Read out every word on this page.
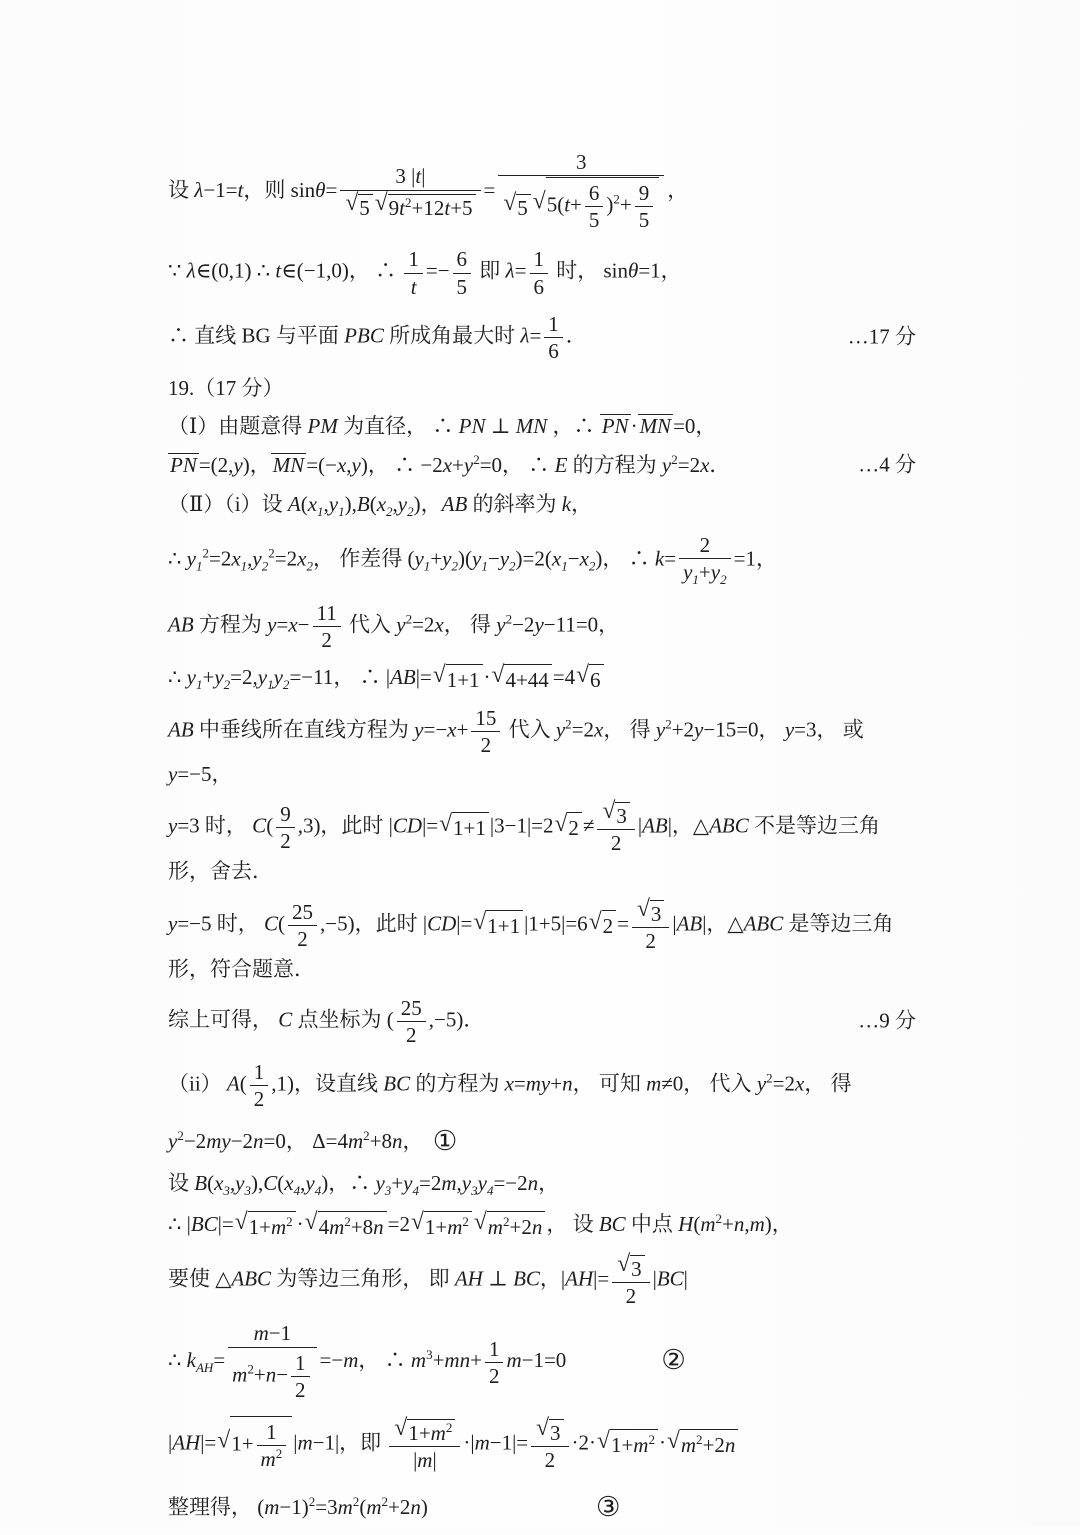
设 λ−1=t，则 $\sin\theta= \frac{3 |t|}{√5 √9t^2+12t+5} = \frac{3}{√5 √5(t+ \frac{6}{5} )^2+ \frac{9}{5}}$ ，
∵ λ∈(0,1) ∴ t∈(−1,0)， ∴ $\frac{1}{t} =- \frac{6}{5}$ 即 $\lambda= \frac{1}{6}$ 时， sinθ=1，
∴ 直线 BG 与平面 PBC 所成角最大时 $\lambda= \frac{1}{6}$ ．	…17 分
19.（17 分）
（Ⅰ）由题意得 PM 为直径， ∴ PN ⊥ MN ，∴ PN·MN=0，
PN=(2,y)，MN=(−x,y)， ∴ $-2x+y^2=0$， ∴ E 的方程为 $y^2=2x$．	…4 分
（Ⅱ）（i）设 $A(x_1,y_1),B(x_2,y_2)$，AB 的斜率为 k，
∴ $y_1^2=2x_1,y_2^2=2x_2$， 作差得 $(y_1+y_2)(y_1-y_2)=2(x_1-x_2)$， ∴ $k= \frac{2}{y_1+y_2} =1$，
AB 方程为 $y=x- \frac{11}{2}$ 代入 $y^2=2x$， 得 $y^2-2y-11=0$，
∴ $y_1+y_2=2,y_1y_2=-11$， ∴ |AB|=√1+1 ·√4+44 =4√6
AB 中垂线所在直线方程为 $y=-x+ \frac{15}{2}$ 代入 $y^2=2x$， 得 $y^2+2y-15=0$， y=3， 或 y=−5，
y=3 时， $C( \frac{9}{2} ,3)$，此时 |CD|=√1+1 $|3-1|=2√2 \ne \frac{√3}{2} |AB|$，△ABC 不是等边三角形，舍去．
y=−5 时， $C( \frac{25}{2} ,-5)$，此时 |CD|=√1+1 $|1+5|=6√2 = \frac{√3}{2} |AB|$，△ABC 是等边三角形，符合题意．
综上可得， C 点坐标为 ( $\frac{25}{2} ,-5$)．	…9 分
（ii） $A( \frac{1}{2} ,1)$，设直线 BC 的方程为 x=my+n， 可知 m≠0， 代入 $y^2=2x$， 得
$y^2-2my-2n=0$， $\Delta=4m^2+8n$， ①
设 $B(x_3,y_3),C(x_4,y_4)$，∴ $y_3+y_4=2m,y_3y_4=-2n$，
∴ $|BC|=√1+m^2 \cdot√4m^2+8n =2√1+m^2$ $√m^2+2n$ ， 设 BC 中点 $H(m^2+n,m)$，
要使 △ABC 为等边三角形， 即 AH ⊥ BC，$|AH|= \frac{√3}{2} |BC|$
∴ $k_{AH}= \frac{m-1}{m^2+n- \frac{1}{2}} =-m$， ∴ $m^3+mn+ \frac{1}{2} m-1=0$	②
$|AH|=√1+ \frac{1}{m^2} |m-1|$，即 $\frac{√1+m^2}{|m|} \cdot|m-1|= \frac{√3}{2} \cdot 2\cdot√1+m^2 \cdot√m^2+2n$
整理得， $(m-1)^2=3m^2(m^2+2n)$	③
